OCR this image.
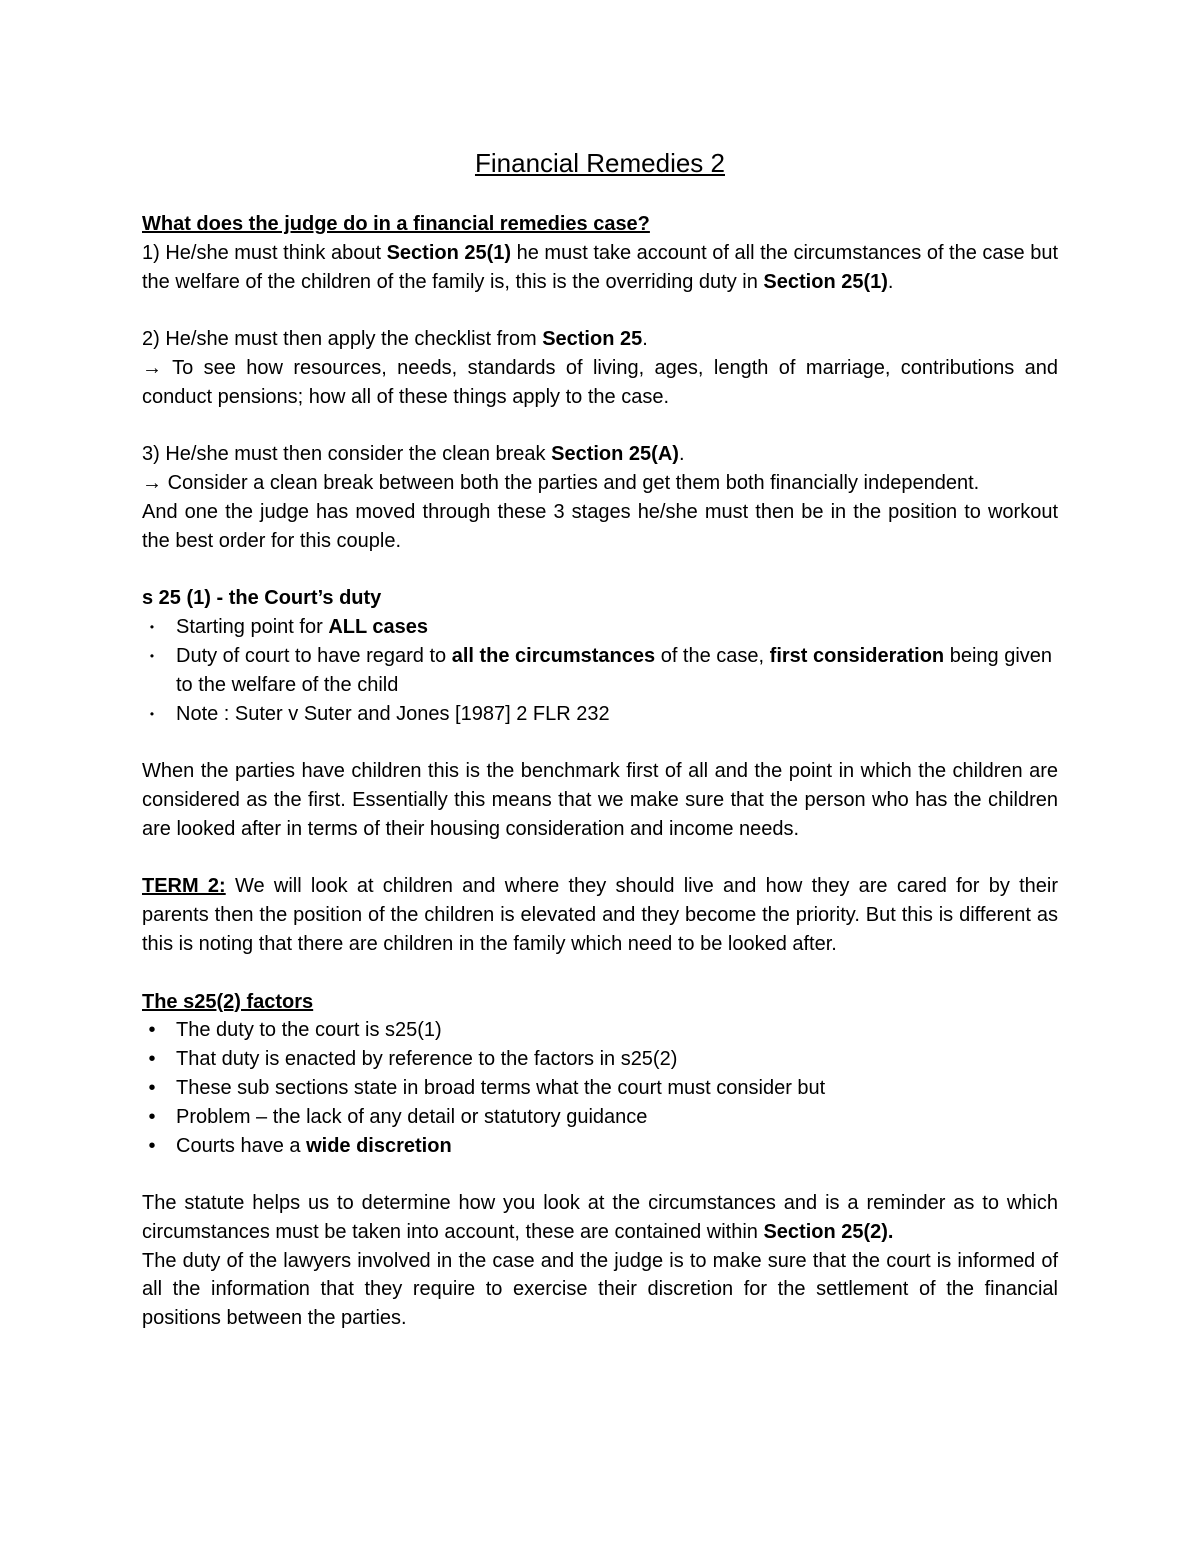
Financial Remedies 2

What does the judge do in a financial remedies case?

1) He/she must think about Section 25(1) he must take account of all the circumstances of the case but the welfare of the children of the family is, this is the overriding duty in Section 25(1).

2) He/she must then apply the checklist from Section 25.

→ To see how resources, needs, standards of living, ages, length of marriage, contributions and conduct pensions; how all of these things apply to the case.

3) He/she must then consider the clean break Section 25(A).

→ Consider a clean break between both the parties and get them both financially independent.

And one the judge has moved through these 3 stages he/she must then be in the position to workout the best order for this couple.

s 25 (1) - the Court’s duty

•	Starting point for ALL cases
•	Duty of court to have regard to all the circumstances of the case, first consideration being given to the welfare of the child
•	Note : Suter v Suter and Jones [1987] 2 FLR 232

When the parties have children this is the benchmark first of all and the point in which the children are considered as the first. Essentially this means that we make sure that the person who has the children are looked after in terms of their housing consideration and income needs.

TERM 2: We will look at children and where they should live and how they are cared for by their parents then the position of the children is elevated and they become the priority. But this is different as this is noting that there are children in the family which need to be looked after.

The s25(2) factors

•	The duty to the court is s25(1)
•	That duty is enacted by reference to the factors in s25(2)
•	These sub sections state in broad terms what the court must consider but
•	Problem – the lack of any detail or statutory guidance
•	Courts have a wide discretion

The statute helps us to determine how you look at the circumstances and is a reminder as to which circumstances must be taken into account, these are contained within Section 25(2).

The duty of the lawyers involved in the case and the judge is to make sure that the court is informed of all the information that they require to exercise their discretion for the settlement of the financial positions between the parties.
